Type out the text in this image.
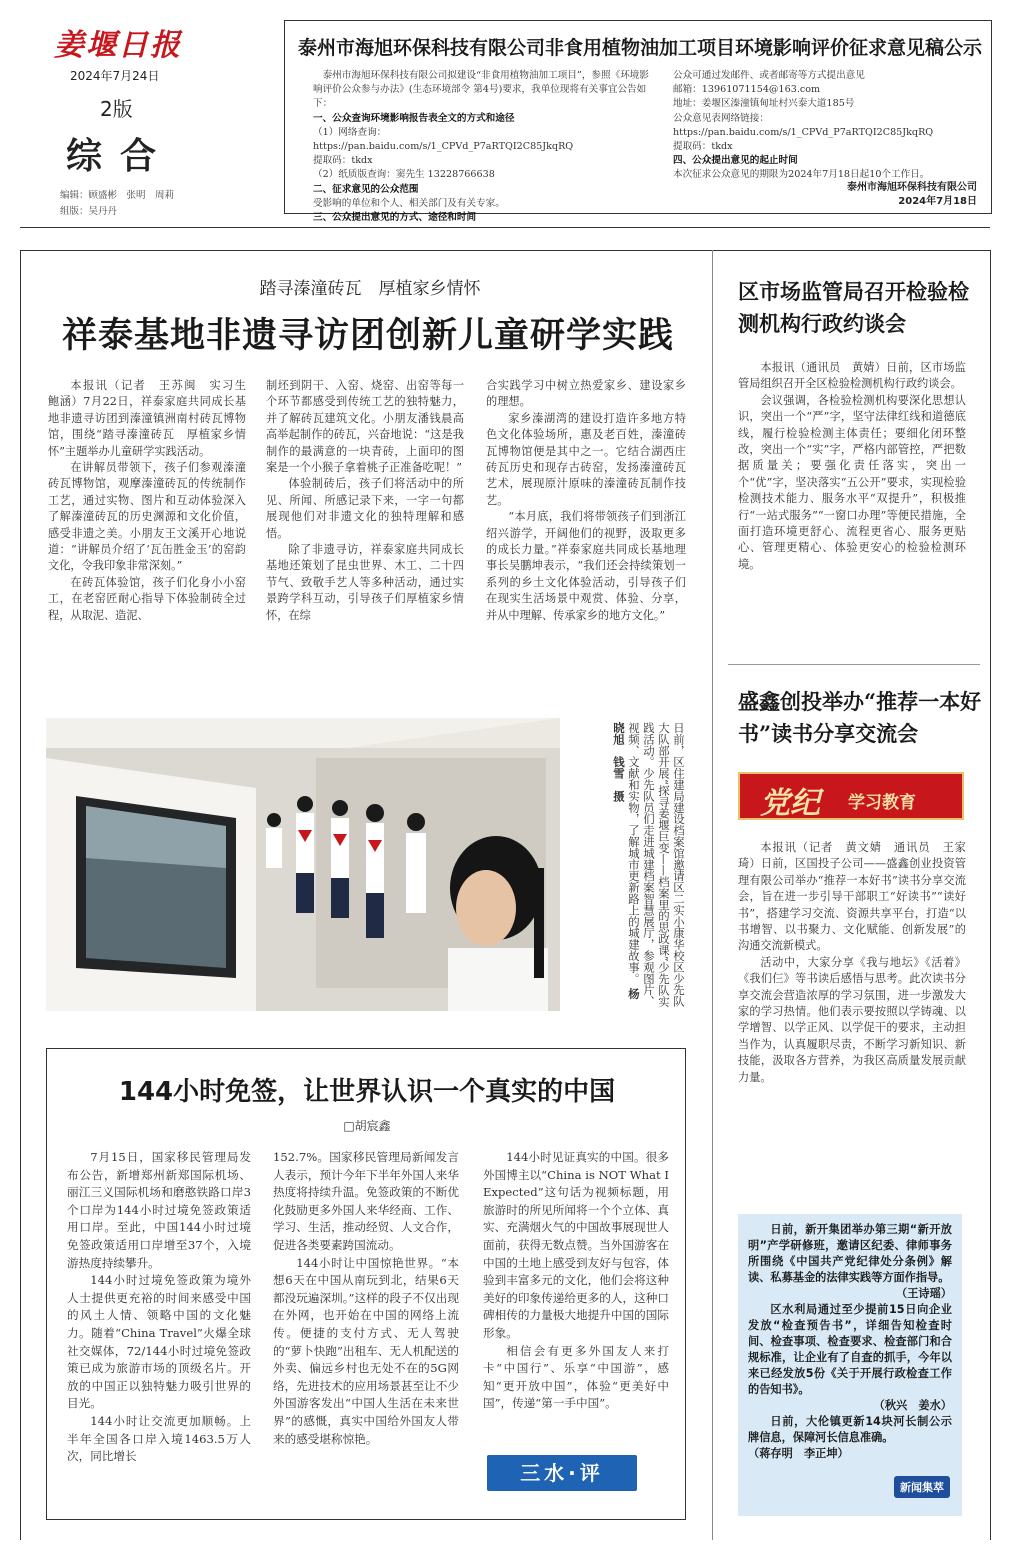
姜堰日报
2024年7月24日
2版
综合
编辑：顾盛彬　张明　周莉
组版：吴丹丹
泰州市海旭环保科技有限公司非食用植物油加工项目环境影响评价征求意见稿公示
　泰州市海旭环保科技有限公司拟建设“非食用植物油加工项目”，参照《环境影响评价公众参与办法》(生态环境部令 第4号)要求，我单位现将有关事宜公告如下：
一、公众查询环境影响报告表全文的方式和途径
（1）网络查询：
https://pan.baidu.com/s/1_CPVd_P7aRTQI2C85JkqRQ
提取码：tkdx
（2）纸质版查询：窦先生 13228766638
二、征求意见的公众范围
受影响的单位和个人、相关部门及有关专家。
三、公众提出意见的方式、途径和时间
公众可通过发邮件、或者邮寄等方式提出意见
邮箱：13961071154@163.com
地址：姜堰区溱潼镇甸址村兴泰大道185号
公众意见表网络链接：
https://pan.baidu.com/s/1_CPVd_P7aRTQI2C85JkqRQ
提取码：tkdx
四、公众提出意见的起止时间
本次征求公众意见的期限为2024年7月18日起10个工作日。
泰州市海旭环保科技有限公司
2024年7月18日
踏寻溱潼砖瓦　厚植家乡情怀
祥泰基地非遗寻访团创新儿童研学实践

本报讯（记者　王苏闽　实习生　鲍涵）7月22日，祥泰家庭共同成长基地非遗寻访团到溱潼镇洲南村砖瓦博物馆，围绕“踏寻溱潼砖瓦　厚植家乡情怀”主题举办儿童研学实践活动。

在讲解员带领下，孩子们参观溱潼砖瓦博物馆，观摩溱潼砖瓦的传统制作工艺，通过实物、图片和互动体验深入了解溱潼砖瓦的历史渊源和文化价值，感受非遗之美。小朋友王文溪开心地说道：“讲解员介绍了‘瓦缶胜金玉’的窑韵文化，令我印象非常深刻。”

在砖瓦体验馆，孩子们化身小小窑工，在老窑匠耐心指导下体验制砖全过程，从取泥、造泥、

制坯到阴干、入窑、烧窑、出窑等每一个环节都感受到传统工艺的独特魅力，并了解砖瓦建筑文化。小朋友潘钱晨高高举起制作的砖瓦，兴奋地说：“这是我制作的最满意的一块青砖，上面印的图案是一个小猴子拿着桃子正准备吃呢！”

体验制砖后，孩子们将活动中的所见、所闻、所感记录下来，一字一句都展现他们对非遗文化的独特理解和感悟。

除了非遗寻访，祥泰家庭共同成长基地还策划了昆虫世界、木工、二十四节气、致敬手艺人等多种活动，通过实景跨学科互动，引导孩子们厚植家乡情怀，在综

合实践学习中树立热爱家乡、建设家乡的理想。

家乡溱湖湾的建设打造许多地方特色文化体验场所，惠及老百姓，溱潼砖瓦博物馆便是其中之一。它结合湖西庄砖瓦历史和现存古砖窑，发扬溱潼砖瓦艺术，展现原汁原味的溱潼砖瓦制作技艺。

“本月底，我们将带领孩子们到浙江绍兴游学，开阔他们的视野，汲取更多的成长力量。”祥泰家庭共同成长基地理事长吴鹏坤表示，“我们还会持续策划一系列的乡土文化体验活动，引导孩子们在现实生活场景中观赏、体验、分享，并从中理解、传承家乡的地方文化。”

日前，区住建局建设档案馆邀请区二实小康华校区少先队大队部开展“探寻姜堰巨变——档案里的思政课”少先队实践活动。少先队员们走进城建档案智慧展厅，参观图片、视频、文献和实物，了解城市更新路上的城建故事。 杨晓旭　钱雪　摄
144小时免签，让世界认识一个真实的中国
□胡宸鑫

7月15日，国家移民管理局发布公告，新增郑州新郑国际机场、丽江三义国际机场和磨憨铁路口岸3个口岸为144小时过境免签政策适用口岸。至此，中国144小时过境免签政策适用口岸增至37个，入境游热度持续攀升。

144小时过境免签政策为境外人士提供更充裕的时间来感受中国的风土人情、领略中国的文化魅力。随着“China Travel”火爆全球社交媒体，72/144小时过境免签政策已成为旅游市场的顶级名片。开放的中国正以独特魅力吸引世界的目光。

144小时让交流更加顺畅。上半年全国各口岸入境1463.5万人次，同比增长

152.7%。国家移民管理局新闻发言人表示，预计今年下半年外国人来华热度将持续升温。免签政策的不断优化鼓励更多外国人来华经商、工作、学习、生活，推动经贸、人文合作，促进各类要素跨国流动。

144小时让中国惊艳世界。“本想6天在中国从南玩到北，结果6天都没玩遍深圳。”这样的段子不仅出现在外网，也开始在中国的网络上流传。便捷的支付方式、无人驾驶的“萝卜快跑”出租车、无人机配送的外卖、偏远乡村也无处不在的5G网络，先进技术的应用场景甚至让不少外国游客发出“中国人生活在未来世界”的感慨，真实中国给外国友人带来的感受堪称惊艳。

144小时见证真实的中国。很多外国博主以“China is NOT What I Expected”这句话为视频标题，用旅游时的所见所闻将一个个立体、真实、充满烟火气的中国故事展现世人面前，获得无数点赞。当外国游客在中国的土地上感受到友好与包容，体验到丰富多元的文化，他们会将这种美好的印象传递给更多的人，这种口碑相传的力量极大地提升中国的国际形象。

相信会有更多外国友人来打卡“中国行”、乐享“中国游”，感知“更开放中国”，体验“更美好中国”，传递“第一手中国”。

三水·评
区市场监管局召开检验检测机构行政约谈会

本报讯（通讯员　黄婧）日前，区市场监管局组织召开全区检验检测机构行政约谈会。

会议强调，各检验检测机构要深化思想认识，突出一个“严”字，坚守法律红线和道德底线，履行检验检测主体责任；要细化闭环整改，突出一个“实”字，严格内部管控，严把数据质量关；要强化责任落实，突出一个“优”字，坚决落实“五公开”要求，实现检验检测技术能力、服务水平“双提升”，积极推行“一站式服务”“一窗口办理”等便民措施，全面打造环境更舒心、流程更省心、服务更贴心、管理更精心、体验更安心的检验检测环境。

盛鑫创投举办“推荐一本好书”读书分享交流会
党纪 学习教育

本报讯（记者　黄文婧　通讯员　王家琦）日前，区国投子公司——盛鑫创业投资管理有限公司举办“推荐一本好书”读书分享交流会，旨在进一步引导干部职工“好读书”“读好书”，搭建学习交流、资源共享平台，打造“以书增智、以书聚力、文化赋能、创新发展”的沟通交流新模式。

活动中，大家分享《我与地坛》《活着》《我们仨》等书读后感悟与思考。此次读书分享交流会营造浓厚的学习氛围，进一步激发大家的学习热情。他们表示要按照以学铸魂、以学增智、以学正风、以学促干的要求，主动担当作为，认真履职尽责，不断学习新知识、新技能，汲取各方营养，为我区高质量发展贡献力量。

日前，新开集团举办第三期“新开放明”产学研修班，邀请区纪委、律师事务所围绕《中国共产党纪律处分条例》解读、私募基金的法律实践等方面作指导。

（王诗瑶）

区水利局通过至少提前15日向企业发放“检查预告书”，详细告知检查时间、检查事项、检查要求、检查部门和合规标准，让企业有了自查的抓手，今年以来已经发放5份《关于开展行政检查工作的告知书》。

（秋兴　姜水）

日前，大伦镇更新14块河长制公示牌信息，保障河长信息准确。

（蒋存明　李正坤）

新闻集萃
